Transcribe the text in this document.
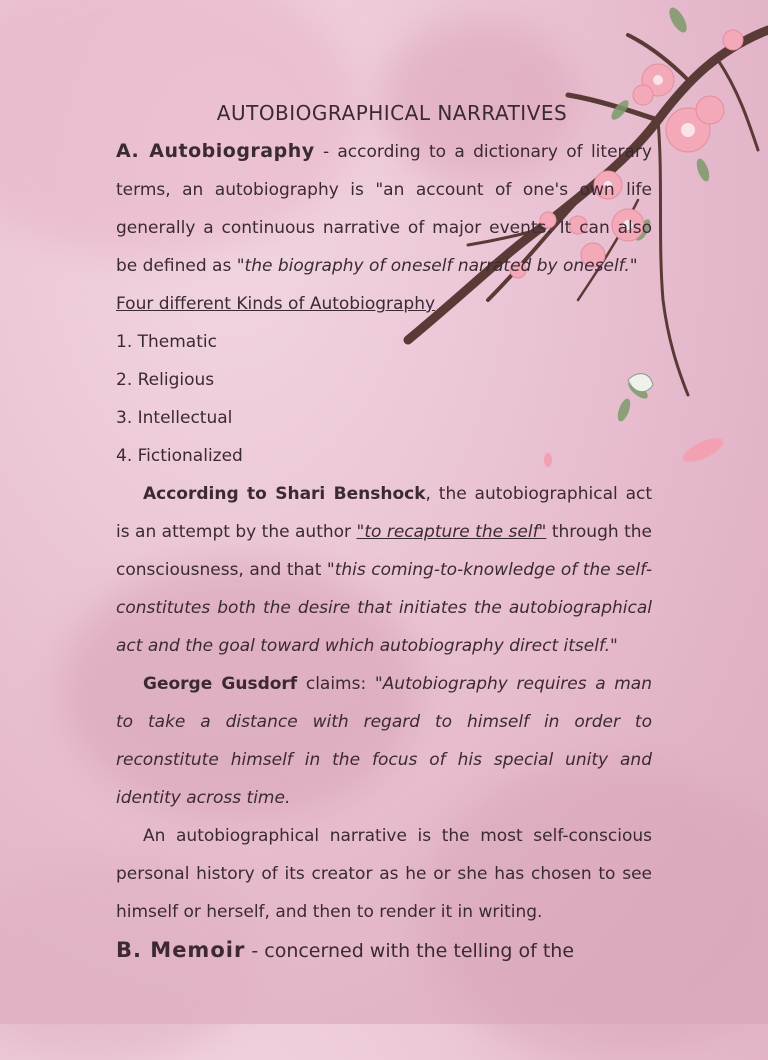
AUTOBIOGRAPHICAL NARRATIVES

A. Autobiography - according to a dictionary of literary terms, an autobiography is "an account of one's own life generally a continuous narrative of major events. It can also be defined as "the biography of oneself narrated by oneself."

Four different Kinds of Autobiography

1. Thematic

2. Religious

3. Intellectual

4. Fictionalized

According to Shari Benshock, the autobiographical act is an attempt by the author "to recapture the self" through the consciousness, and that "this coming-to-knowledge of the self-constitutes both the desire that initiates the autobiographical act and the goal toward which autobiography direct itself."

George Gusdorf claims: "Autobiography requires a man to take a distance with regard to himself in order to reconstitute himself in the focus of his special unity and identity across time.

An autobiographical narrative is the most self-conscious personal history of its creator as he or she has chosen to see himself or herself, and then to render it in writing.

B. Memoir - concerned with the telling of the
